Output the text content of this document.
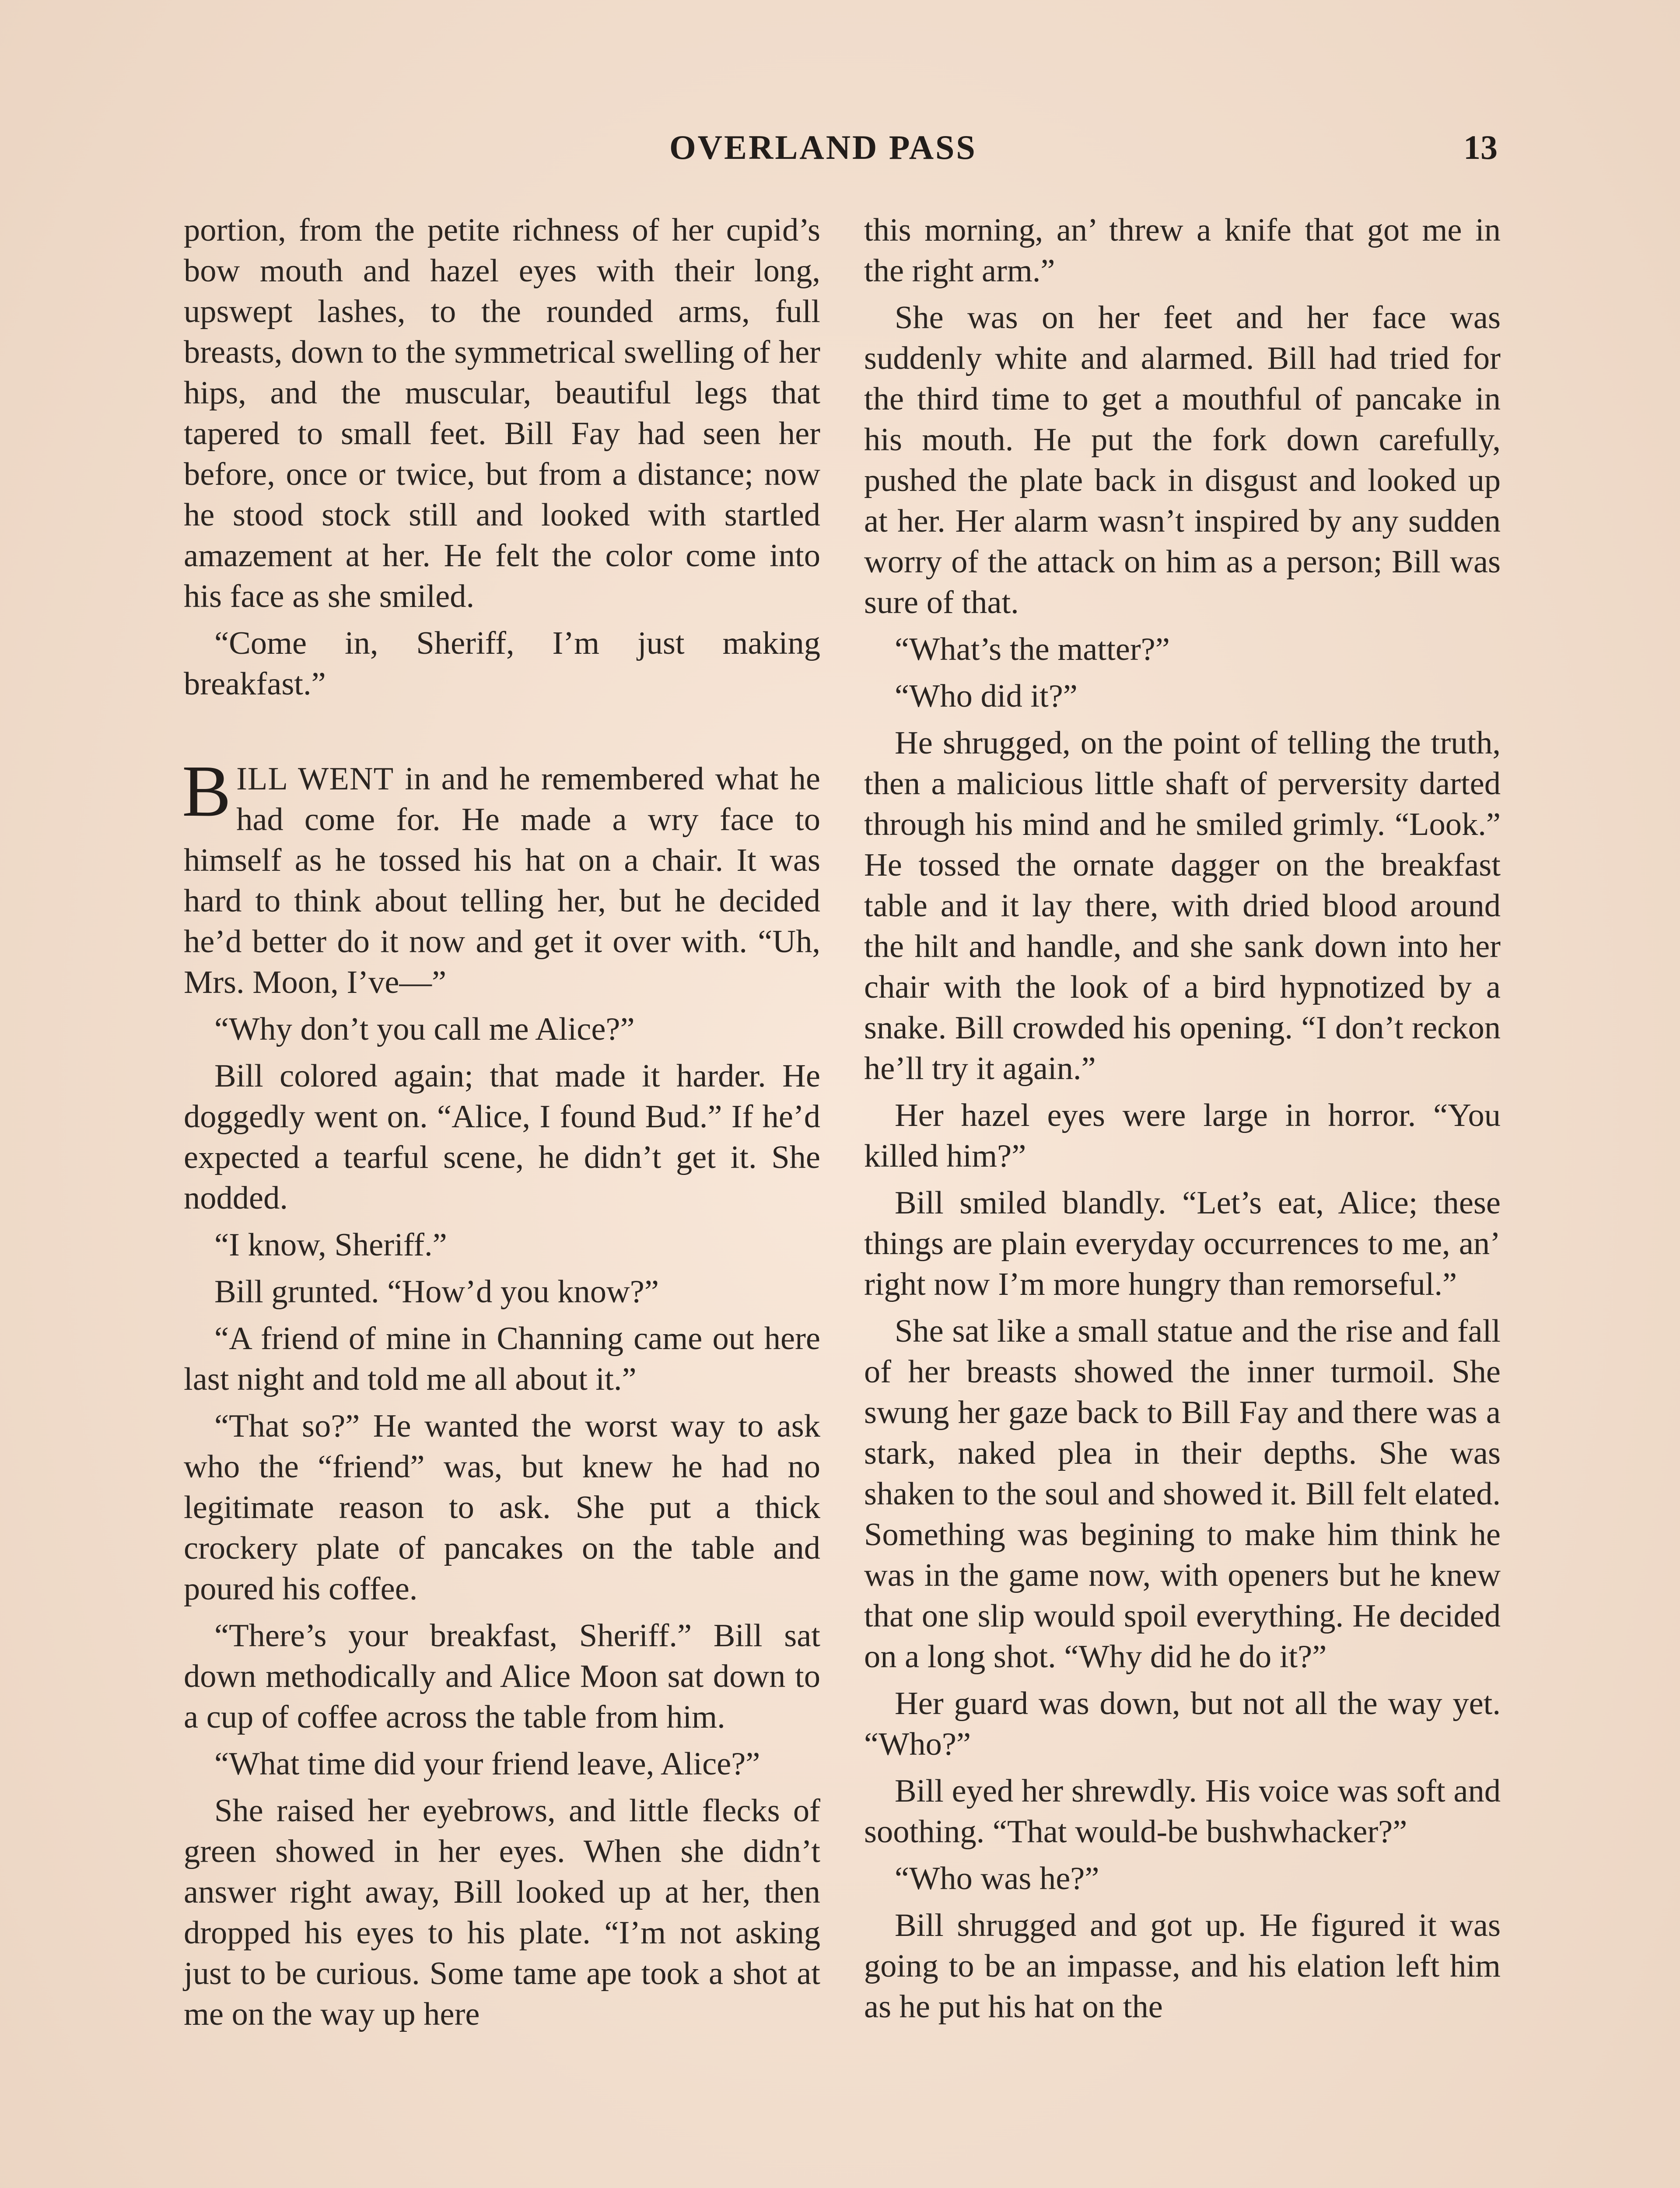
OVERLAND PASS	13

portion, from the petite richness of her cupid’s bow mouth and hazel eyes with their long, upswept lashes, to the rounded arms, full breasts, down to the symmetrical swelling of her hips, and the muscular, beautiful legs that tapered to small feet. Bill Fay had seen her before, once or twice, but from a distance; now he stood stock still and looked with startled amazement at her. He felt the color come into his face as she smiled.

“Come in, Sheriff, I’m just making breakfast.”

BILL WENT in and he remembered what he had come for. He made a wry face to himself as he tossed his hat on a chair. It was hard to think about telling her, but he decided he’d better do it now and get it over with. “Uh, Mrs. Moon, I’ve—”

“Why don’t you call me Alice?”

Bill colored again; that made it harder. He doggedly went on. “Alice, I found Bud.” If he’d expected a tearful scene, he didn’t get it. She nodded.

“I know, Sheriff.”

Bill grunted. “How’d you know?”

“A friend of mine in Channing came out here last night and told me all about it.”

“That so?” He wanted the worst way to ask who the “friend” was, but knew he had no legitimate reason to ask. She put a thick crockery plate of pancakes on the table and poured his coffee.

“There’s your breakfast, Sheriff.” Bill sat down methodically and Alice Moon sat down to a cup of coffee across the table from him.

“What time did your friend leave, Alice?”

She raised her eyebrows, and little flecks of green showed in her eyes. When she didn’t answer right away, Bill looked up at her, then dropped his eyes to his plate. “I’m not asking just to be curious. Some tame ape took a shot at me on the way up here

this morning, an’ threw a knife that got me in the right arm.”

She was on her feet and her face was suddenly white and alarmed. Bill had tried for the third time to get a mouthful of pancake in his mouth. He put the fork down carefully, pushed the plate back in disgust and looked up at her. Her alarm wasn’t inspired by any sudden worry of the attack on him as a person; Bill was sure of that.

“What’s the matter?”

“Who did it?”

He shrugged, on the point of telling the truth, then a malicious little shaft of perversity darted through his mind and he smiled grimly. “Look.” He tossed the ornate dagger on the breakfast table and it lay there, with dried blood around the hilt and handle, and she sank down into her chair with the look of a bird hypnotized by a snake. Bill crowded his opening. “I don’t reckon he’ll try it again.”

Her hazel eyes were large in horror. “You killed him?”

Bill smiled blandly. “Let’s eat, Alice; these things are plain everyday occurrences to me, an’ right now I’m more hungry than remorseful.”

She sat like a small statue and the rise and fall of her breasts showed the inner turmoil. She swung her gaze back to Bill Fay and there was a stark, naked plea in their depths. She was shaken to the soul and showed it. Bill felt elated. Something was begining to make him think he was in the game now, with openers but he knew that one slip would spoil everything. He decided on a long shot. “Why did he do it?”

Her guard was down, but not all the way yet. “Who?”

Bill eyed her shrewdly. His voice was soft and soothing. “That would-be bushwhacker?”

“Who was he?”

Bill shrugged and got up. He figured it was going to be an impasse, and his elation left him as he put his hat on the
